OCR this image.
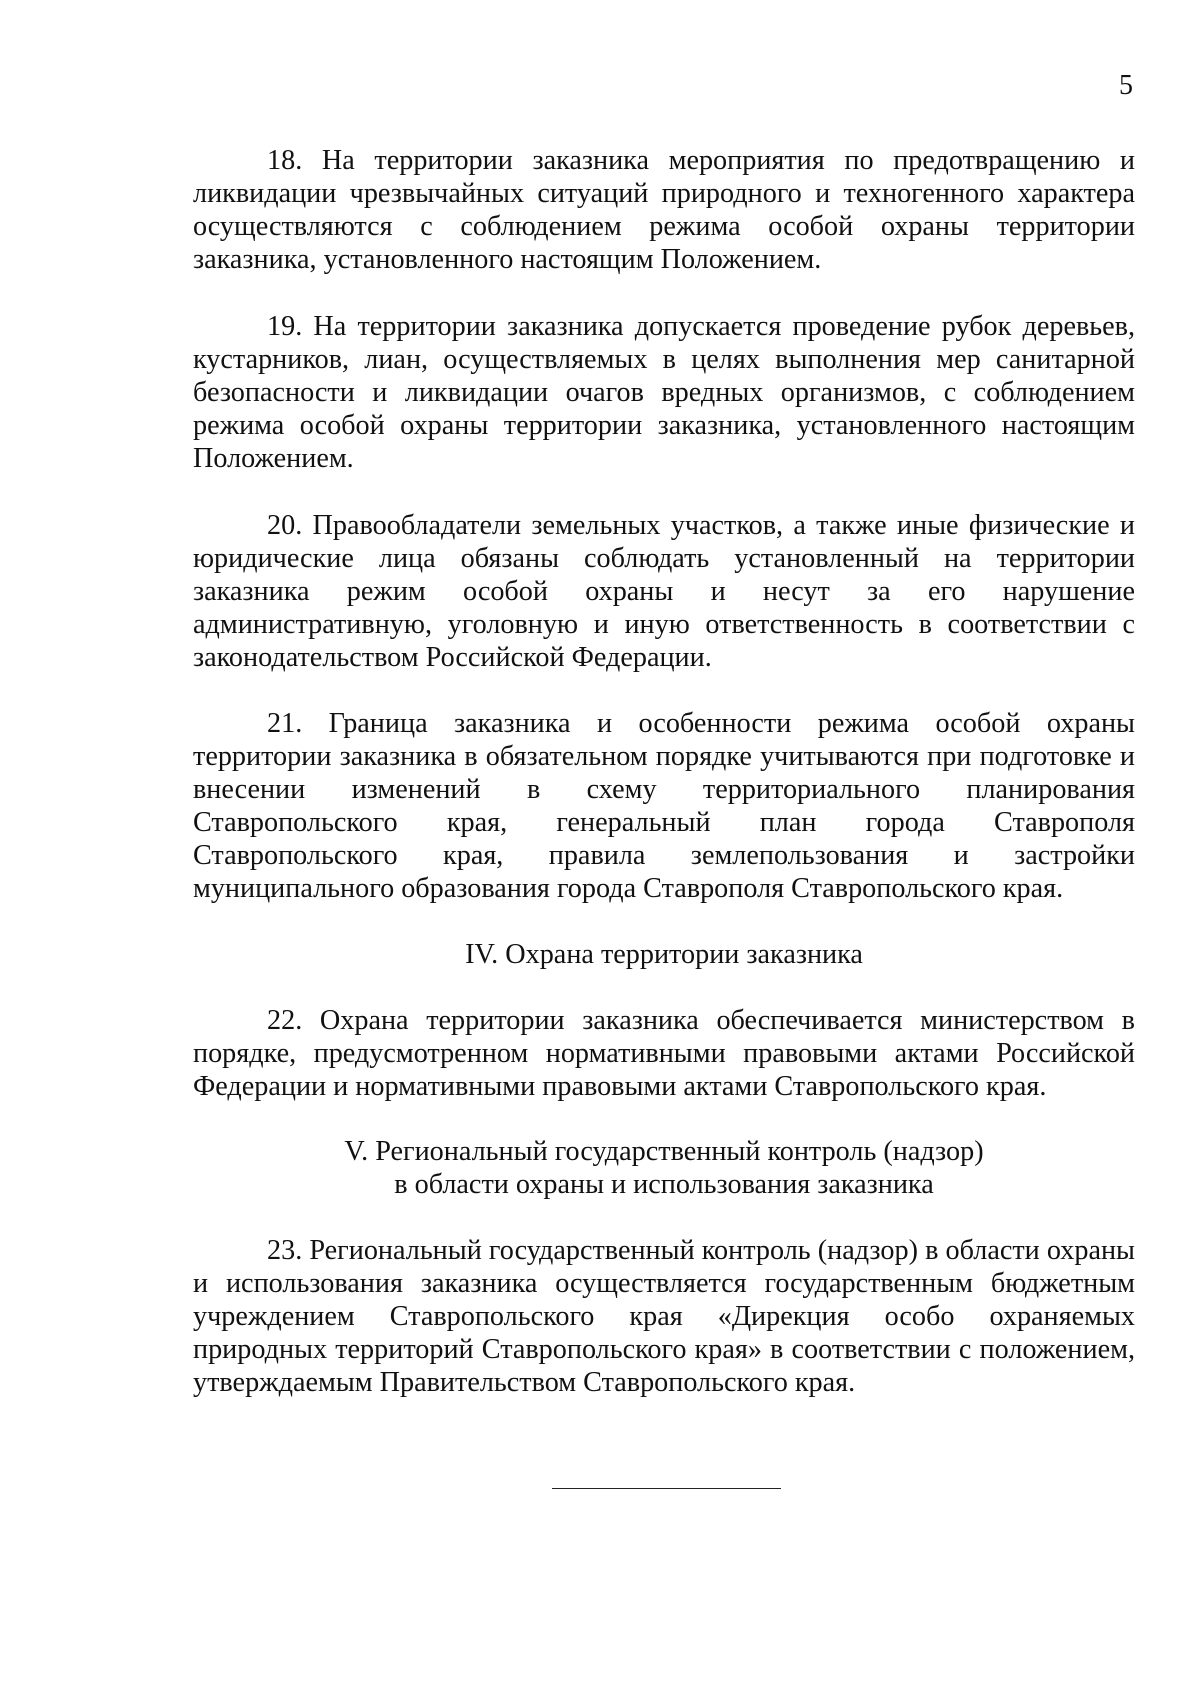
5

18. На территории заказника мероприятия по предотвращению и ликвидации чрезвычайных ситуаций природного и техногенного характера осуществляются с соблюдением режима особой охраны территории заказника, установленного настоящим Положением.

19. На территории заказника допускается проведение рубок деревьев, кустарников, лиан, осуществляемых в целях выполнения мер санитарной безопасности и ликвидации очагов вредных организмов, с соблюдением режима особой охраны территории заказника, установленного настоящим Положением.

20. Правообладатели земельных участков, а также иные физические и юридические лица обязаны соблюдать установленный на территории заказника режим особой охраны и несут за его нарушение административную, уголовную и иную ответственность в соответствии с законодательством Российской Федерации.

21. Граница заказника и особенности режима особой охраны территории заказника в обязательном порядке учитываются при подготовке и внесении изменений в схему территориального планирования Ставропольского края, генеральный план города Ставрополя Ставропольского края, правила землепользования и застройки муниципального образования города Ставрополя Ставропольского края.

IV. Охрана территории заказника

22. Охрана территории заказника обеспечивается министерством в порядке, предусмотренном нормативными правовыми актами Российской Федерации и нормативными правовыми актами Ставропольского края.

V. Региональный государственный контроль (надзор)
в области охраны и использования заказника

23. Региональный государственный контроль (надзор) в области охраны и использования заказника осуществляется государственным бюджетным учреждением Ставропольского края «Дирекция особо охраняемых природных территорий Ставропольского края» в соответствии с положением, утверждаемым Правительством Ставропольского края.
